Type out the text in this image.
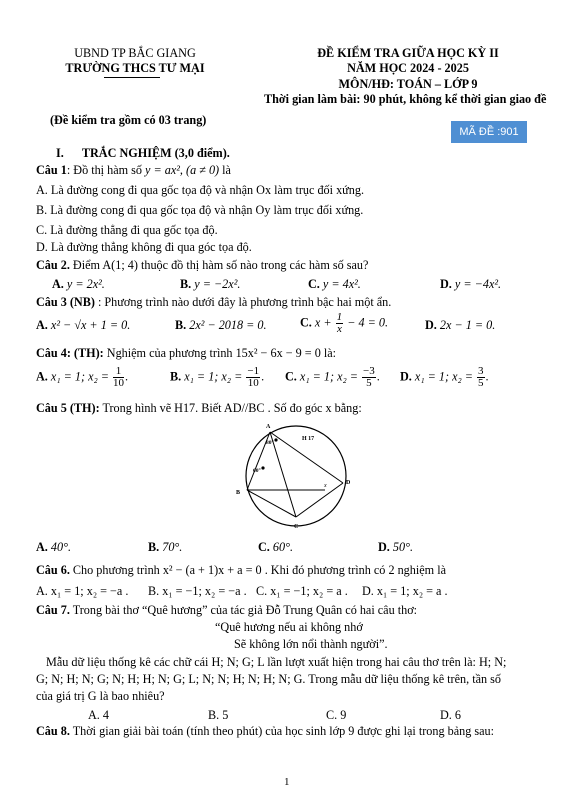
UBND TP BẮC GIANG
TRƯỜNG THCS TƯ MẠI
ĐỀ KIỂM TRA GIỮA HỌC KỲ II
NĂM HỌC 2024 - 2025
MÔN/HĐ: TOÁN – LỚP 9
Thời gian làm bài: 90 phút, không kể thời gian giao đề
(Đề kiểm tra gồm có 03 trang)
MÃ ĐỀ :901
I. TRẮC NGHIỆM (3,0 điểm).
Câu 1: Đồ thị hàm số y = ax², (a ≠ 0) là
A. Là đường cong đi qua gốc tọa độ và nhận Ox làm trục đối xứng.
B. Là đường cong đi qua gốc tọa độ và nhận Oy làm trục đối xứng.
C. Là đường thẳng đi qua gốc tọa độ.
D. Là đường thẳng không đi qua góc tọa độ.
Câu 2. Điểm A(1; 4) thuộc đồ thị hàm số nào trong các hàm số sau?
A. y = 2x².	B. y = −2x².	C. y = 4x².	D. y = −4x².
Câu 3 (NB) : Phương trình nào dưới đây là phương trình bậc hai một ẩn.
A. x² − √x + 1 = 0.	B. 2x² − 2018 = 0.	C. $x + \frac{1}{x} - 4 = 0$.	D. 2x − 1 = 0.
Câu 4: (TH): Nghiệm của phương trình 15x² − 6x − 9 = 0 là:
A. x₁ = 1; $x_2 = \frac{1}{10}$ .	B. x₁ = 1; $x_2 = \frac{-1}{10}$ . C. x₁ = 1; $x_2 = \frac{-3}{5}$ . D. x₁ = 1; $x_2 = \frac{3}{5}$ .
Câu 5 (TH): Trong hình vẽ H17. Biết AD//BC . Số đo góc x bằng:
A
B
C
D
x
H 17
80°
60°
A. 40°.	B. 70°.	C. 60°.	D. 50°.
Câu 6. Cho phương trình x² − (a + 1)x + a = 0 . Khi đó phương trình có 2 nghiệm là
A. x₁ = 1; x₂ = −a . B. x₁ = −1; x₂ = −a . C. x₁ = −1; x₂ = a . D. x₁ = 1; x₂ = a .
Câu 7. Trong bài thơ “Quê hương” của tác giả Đỗ Trung Quân có hai câu thơ:
“Quê hương nếu ai không nhớ
Sẽ không lớn nổi thành người”.
Mẫu dữ liệu thống kê các chữ cái H; N; G; L lần lượt xuất hiện trong hai câu thơ trên là: H; N;
G; N; H; N; G; N; H; H; N; G; L; N; N; H; N; H; N; G. Trong mẫu dữ liệu thống kê trên, tần số
của giá trị G là bao nhiêu?
A. 4	B. 5	C. 9	D. 6
Câu 8. Thời gian giải bài toán (tính theo phút) của học sinh lớp 9 được ghi lại trong bảng sau:
1
